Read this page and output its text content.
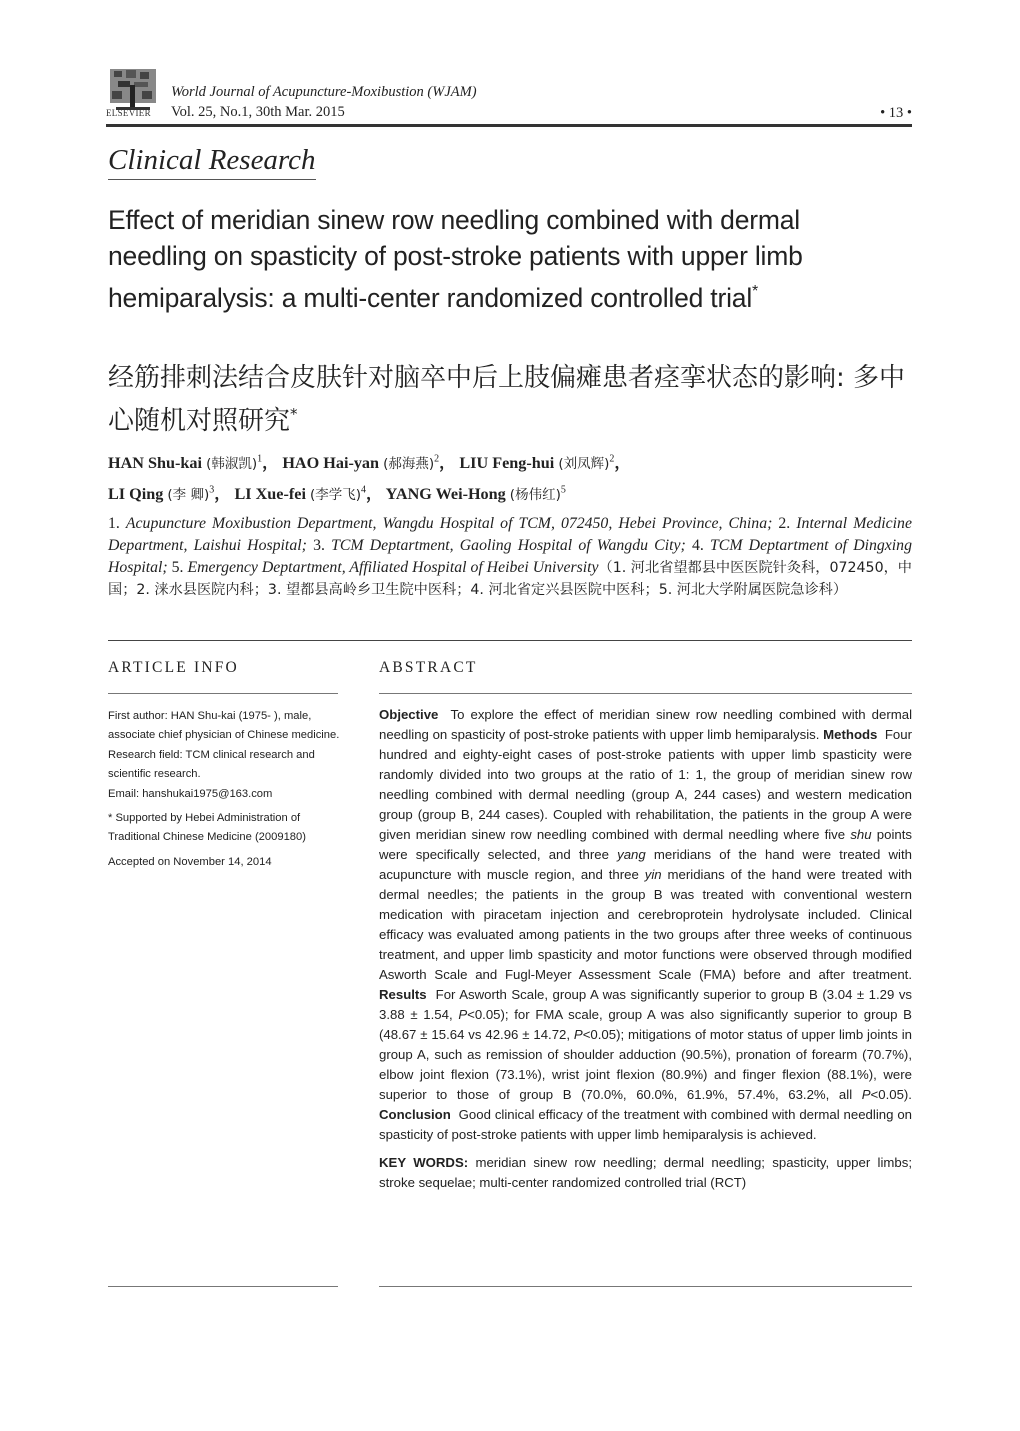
ELSEVIER
World Journal of Acupuncture-Moxibustion (WJAM)
Vol. 25, No.1, 30th Mar. 2015	• 13 •
Clinical Research
Effect of meridian sinew row needling combined with dermal needling on spasticity of post-stroke patients with upper limb hemiparalysis: a multi-center randomized controlled trial*
经筋排刺法结合皮肤针对脑卒中后上肢偏瘫患者痉挛状态的影响: 多中心随机对照研究*
HAN Shu-kai (韩淑凯)$^1$， HAO Hai-yan (郝海燕)$^2$， LIU Feng-hui (刘凤辉)$^2$，
LI Qing (李 卿)$^3$， LI Xue-fei (李学飞)$^4$， YANG Wei-Hong (杨伟红)$^5$
1. Acupuncture Moxibustion Department, Wangdu Hospital of TCM, 072450, Hebei Province, China; 2. Internal Medicine Department, Laishui Hospital; 3. TCM Deptartment, Gaoling Hospital of Wangdu City; 4. TCM Deptartment of Dingxing Hospital; 5. Emergency Deptartment, Affiliated Hospital of Heibei University（1. 河北省望都县中医医院针灸科，072450，中国；2. 涞水县医院内科；3. 望都县高岭乡卫生院中医科；4. 河北省定兴县医院中医科；5. 河北大学附属医院急诊科）
ARTICLE INFO	ABSTRACT

First author: HAN Shu-kai (1975- ), male, associate chief physician of Chinese medicine.

Research field: TCM clinical research and scientific research.

Email: hanshukai1975@163.com

* Supported by Hebei Administration of Traditional Chinese Medicine (2009180)

Accepted on November 14, 2014

Objective To explore the effect of meridian sinew row needling combined with dermal needling on spasticity of post-stroke patients with upper limb hemiparalysis. Methods Four hundred and eighty-eight cases of post-stroke patients with upper limb spasticity were randomly divided into two groups at the ratio of 1: 1, the group of meridian sinew row needling combined with dermal needling (group A, 244 cases) and western medication group (group B, 244 cases). Coupled with rehabilitation, the patients in the group A were given meridian sinew row needling combined with dermal needling where five shu points were specifically selected, and three yang meridians of the hand were treated with acupuncture with muscle region, and three yin meridians of the hand were treated with dermal needles; the patients in the group B was treated with conventional western medication with piracetam injection and cerebroprotein hydrolysate included. Clinical efficacy was evaluated among patients in the two groups after three weeks of continuous treatment, and upper limb spasticity and motor functions were observed through modified Asworth Scale and Fugl-Meyer Assessment Scale (FMA) before and after treatment. Results For Asworth Scale, group A was significantly superior to group B (3.04 ± 1.29 vs 3.88 ± 1.54, P<0.05); for FMA scale, group A was also significantly superior to group B (48.67 ± 15.64 vs 42.96 ± 14.72, P<0.05); mitigations of motor status of upper limb joints in group A, such as remission of shoulder adduction (90.5%), pronation of forearm (70.7%), elbow joint flexion (73.1%), wrist joint flexion (80.9%) and finger flexion (88.1%), were superior to those of group B (70.0%, 60.0%, 61.9%, 57.4%, 63.2%, all P<0.05). Conclusion Good clinical efficacy of the treatment with combined with dermal needling on spasticity of post-stroke patients with upper limb hemiparalysis is achieved.

KEY WORDS: meridian sinew row needling; dermal needling; spasticity, upper limbs; stroke sequelae; multi-center randomized controlled trial (RCT)
